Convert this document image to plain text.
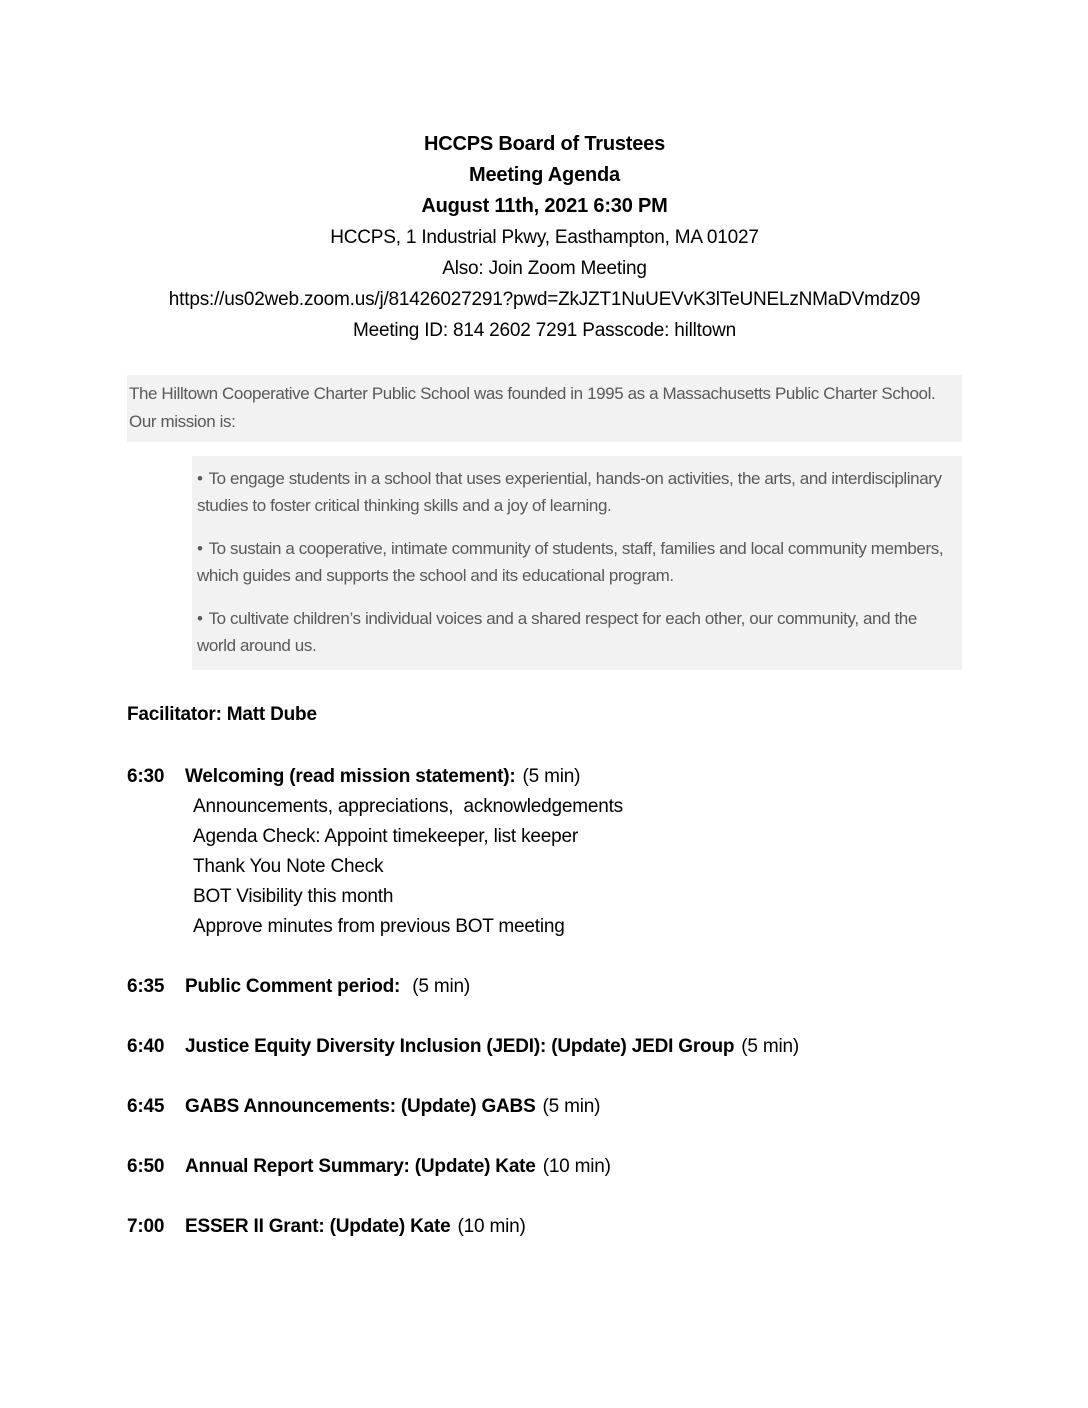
HCCPS Board of Trustees
Meeting Agenda
August 11th, 2021 6:30 PM
HCCPS, 1 Industrial Pkwy, Easthampton, MA 01027
Also: Join Zoom Meeting
https://us02web.zoom.us/j/81426027291?pwd=ZkJZT1NuUEVvK3lTeUNELzNMaDVmdz09
Meeting ID: 814 2602 7291 Passcode: hilltown
The Hilltown Cooperative Charter Public School was founded in 1995 as a Massachusetts Public Charter School. Our mission is:

• To engage students in a school that uses experiential, hands-on activities, the arts, and interdisciplinary studies to foster critical thinking skills and a joy of learning.

• To sustain a cooperative, intimate community of students, staff, families and local community members, which guides and supports the school and its educational program.

• To cultivate children’s individual voices and a shared respect for each other, our community, and the world around us.

Facilitator: Matt Dube
6:30	Welcoming (read mission statement): (5 min)
Announcements, appreciations,  acknowledgements
Agenda Check: Appoint timekeeper, list keeper
Thank You Note Check
BOT Visibility this month
Approve minutes from previous BOT meeting
6:35	Public Comment period: (5 min)
6:40	Justice Equity Diversity Inclusion (JEDI): (Update) JEDI Group (5 min)
6:45	GABS Announcements: (Update) GABS (5 min)
6:50	Annual Report Summary: (Update) Kate (10 min)
7:00	ESSER II Grant: (Update) Kate (10 min)
